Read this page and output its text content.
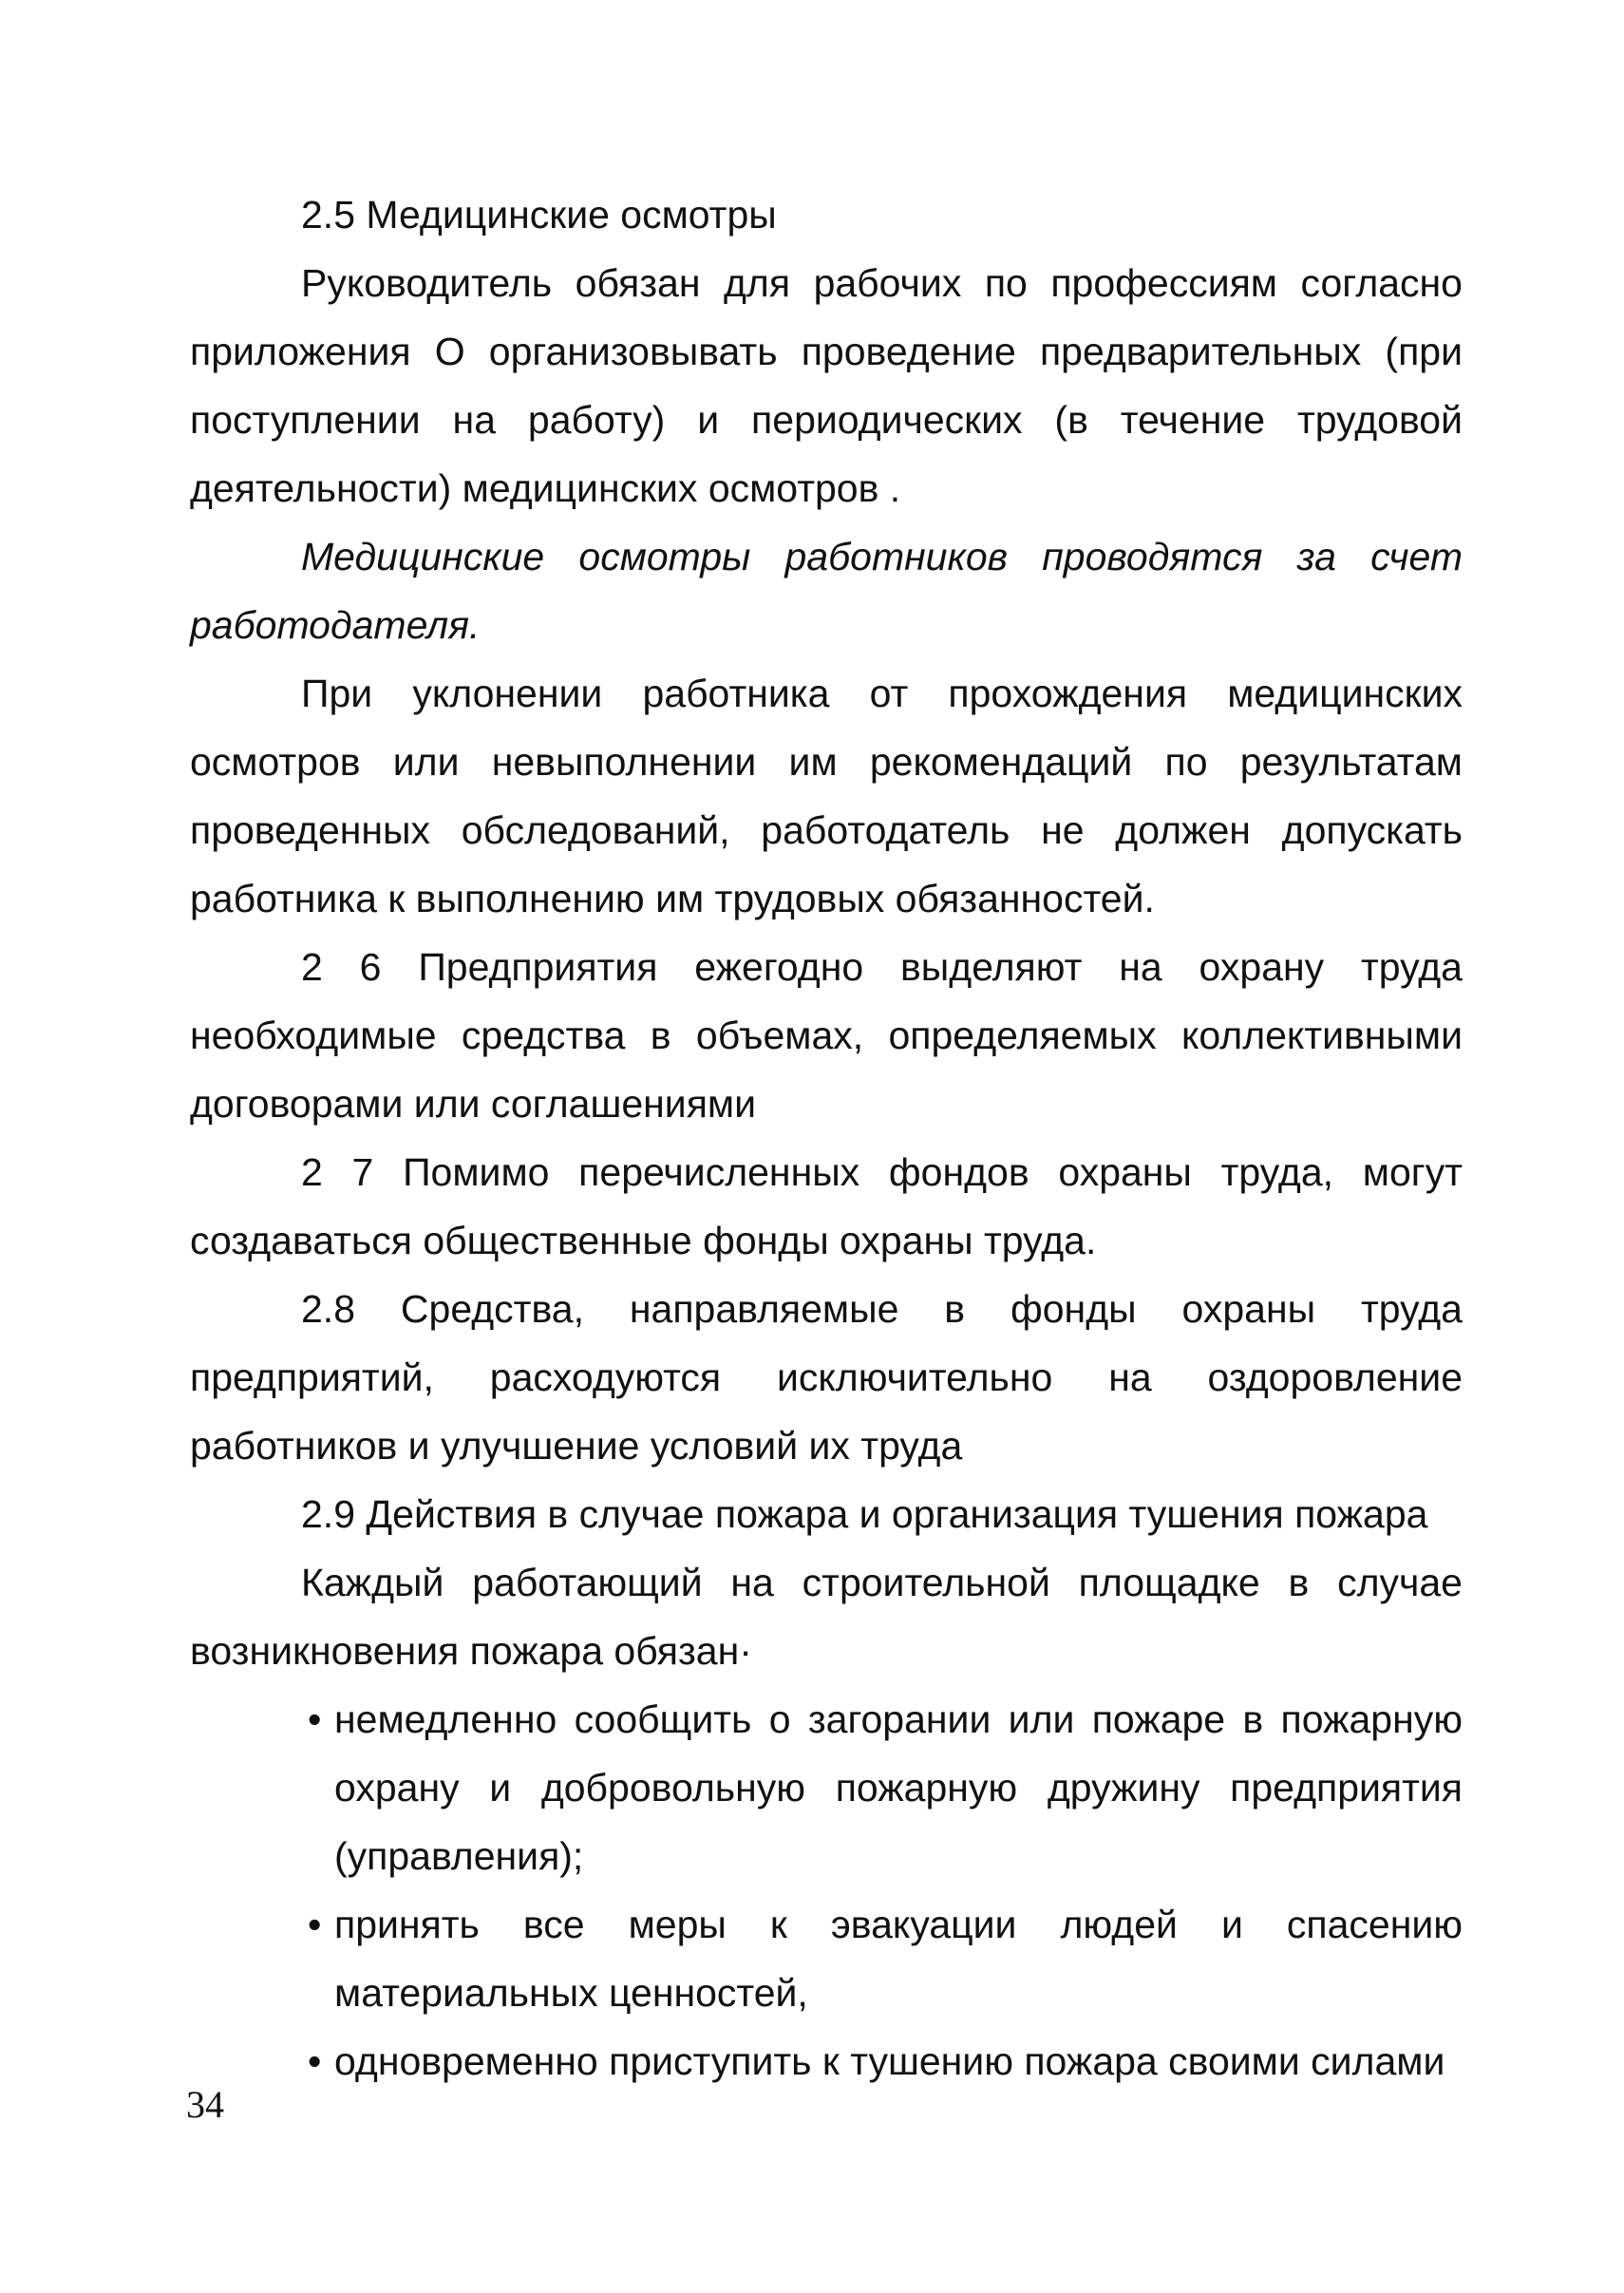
2.5 Медицинские осмотры

Руководитель обязан для рабочих по профессиям согласно приложения О организовывать проведение предварительных (при поступлении на работу) и периодических (в течение трудовой деятельности) медицинских осмотров .

Медицинские осмотры работников проводятся за счет работодателя.

При уклонении работника от прохождения медицинских осмотров или невыполнении им рекомендаций по результатам проведенных обследований, работодатель не должен допускать работника к выполнению им трудовых обязанностей.

2 6 Предприятия ежегодно выделяют на охрану труда необходимые средства в объемах, определяемых коллективными договорами или соглашениями

2 7 Помимо перечисленных фондов охраны труда, могут создаваться общественные фонды охраны труда.

2.8 Средства, направляемые в фонды охраны труда предприятий, расходуются исключительно на оздоровление работников и улучшение условий их труда

2.9 Действия в случае пожара и организация тушения пожара

Каждый работающий на строительной площадке в случае возникновения пожара обязан·

• немедленно сообщить о загорании или пожаре в пожарную охрану и добровольную пожарную дружину предприятия (управления);
• принять все меры к эвакуации людей и спасению материальных ценностей,
• одновременно приступить к тушению пожара своими силами
34
